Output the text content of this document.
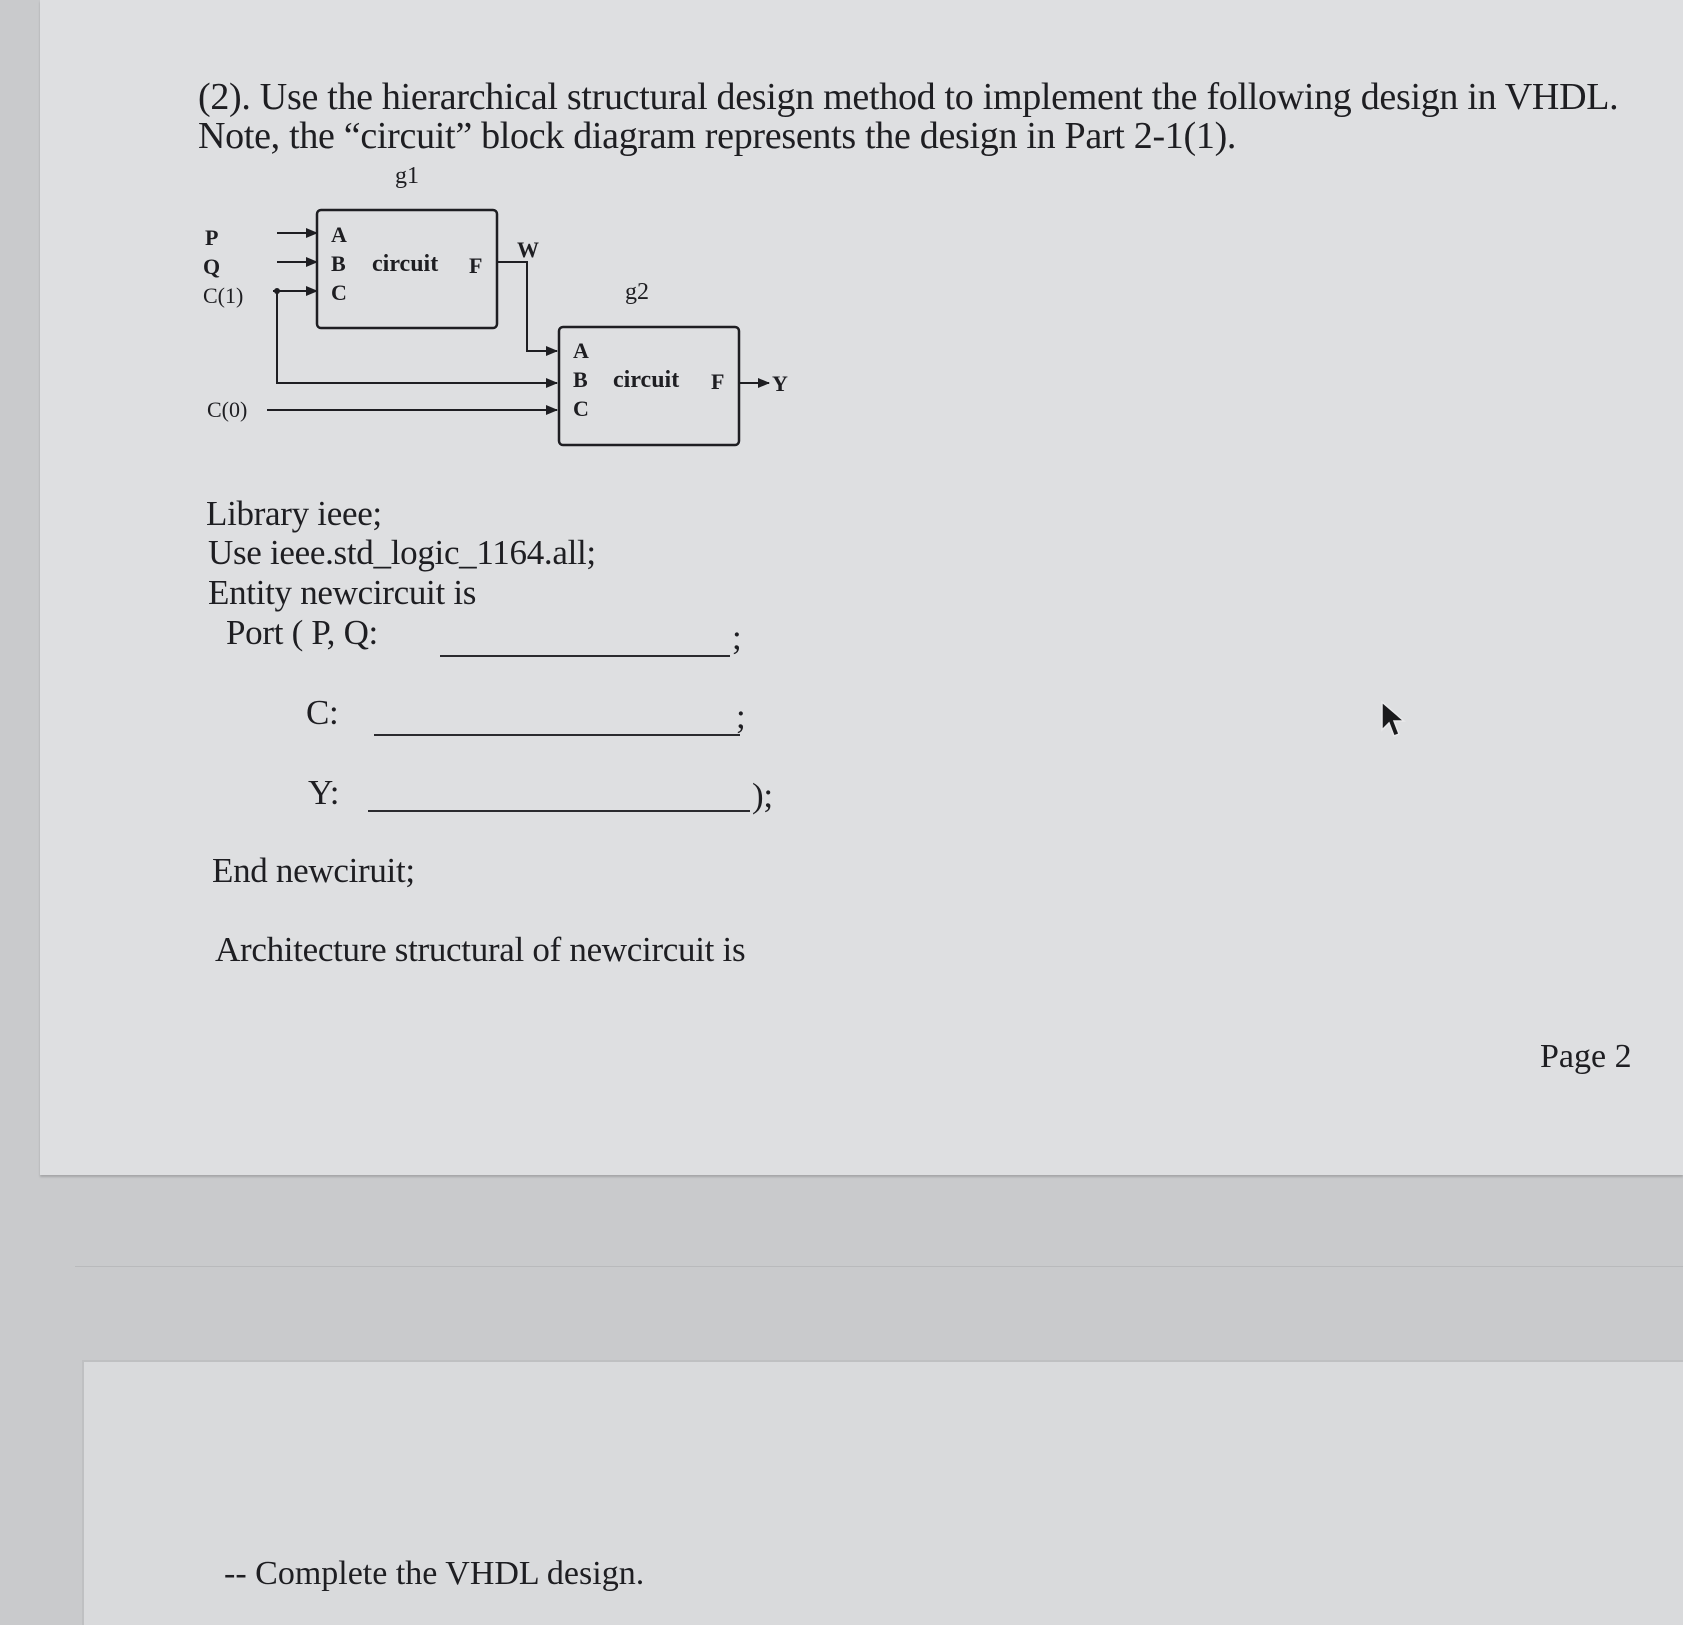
(2). Use the hierarchical structural design method to implement the following design in VHDL.
Note, the “circuit” block diagram represents the design in Part 2-1(1).
g1
A
B
C
circuit F
P
Q
C(1)
W
C(0)
g2
A
B
C
circuit F Y
Library ieee;
Use ieee.std_logic_1164.all;
Entity newcircuit is
Port ( P, Q:	;
C:	;
Y:	);
End newciruit;
Architecture structural of newcircuit is
Page 2
-- Complete the VHDL design.
